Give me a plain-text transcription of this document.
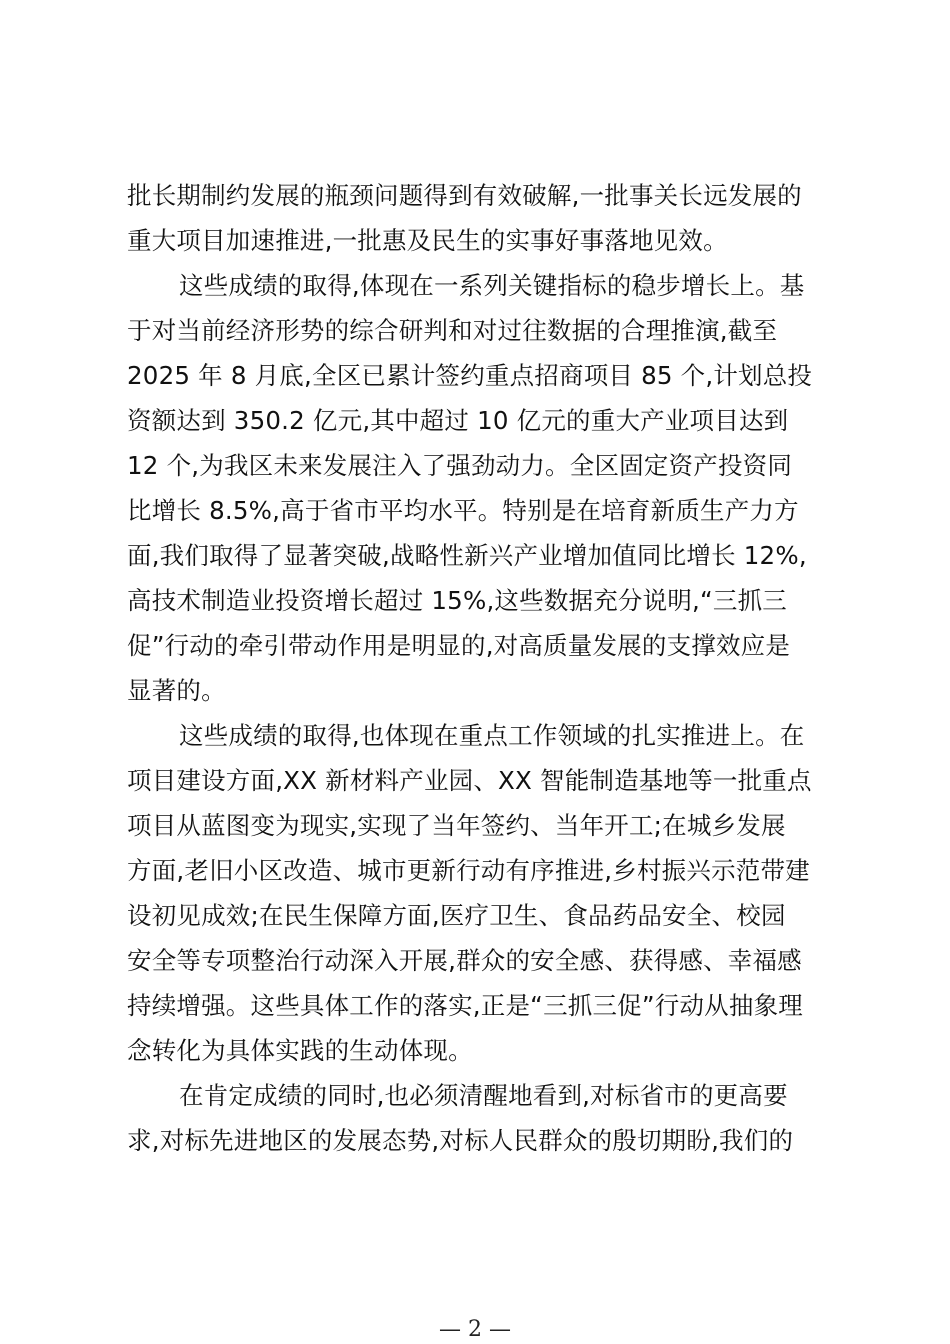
批长期制约发展的瓶颈问题得到有效破解,一批事关长远发展的
重大项目加速推进,一批惠及民生的实事好事落地见效。
这些成绩的取得,体现在一系列关键指标的稳步增长上。基
于对当前经济形势的综合研判和对过往数据的合理推演,截至
2025 年 8 月底,全区已累计签约重点招商项目 85 个,计划总投
资额达到 350.2 亿元,其中超过 10 亿元的重大产业项目达到
12 个,为我区未来发展注入了强劲动力。全区固定资产投资同
比增长 8.5%,高于省市平均水平。特别是在培育新质生产力方
面,我们取得了显著突破,战略性新兴产业增加值同比增长 12%,
高技术制造业投资增长超过 15%,这些数据充分说明,“三抓三
促”行动的牵引带动作用是明显的,对高质量发展的支撑效应是
显著的。
这些成绩的取得,也体现在重点工作领域的扎实推进上。在
项目建设方面,XX 新材料产业园、XX 智能制造基地等一批重点
项目从蓝图变为现实,实现了当年签约、当年开工;在城乡发展
方面,老旧小区改造、城市更新行动有序推进,乡村振兴示范带建
设初见成效;在民生保障方面,医疗卫生、食品药品安全、校园
安全等专项整治行动深入开展,群众的安全感、获得感、幸福感
持续增强。这些具体工作的落实,正是“三抓三促”行动从抽象理
念转化为具体实践的生动体现。
在肯定成绩的同时,也必须清醒地看到,对标省市的更高要
求,对标先进地区的发展态势,对标人民群众的殷切期盼,我们的
— 2 —
